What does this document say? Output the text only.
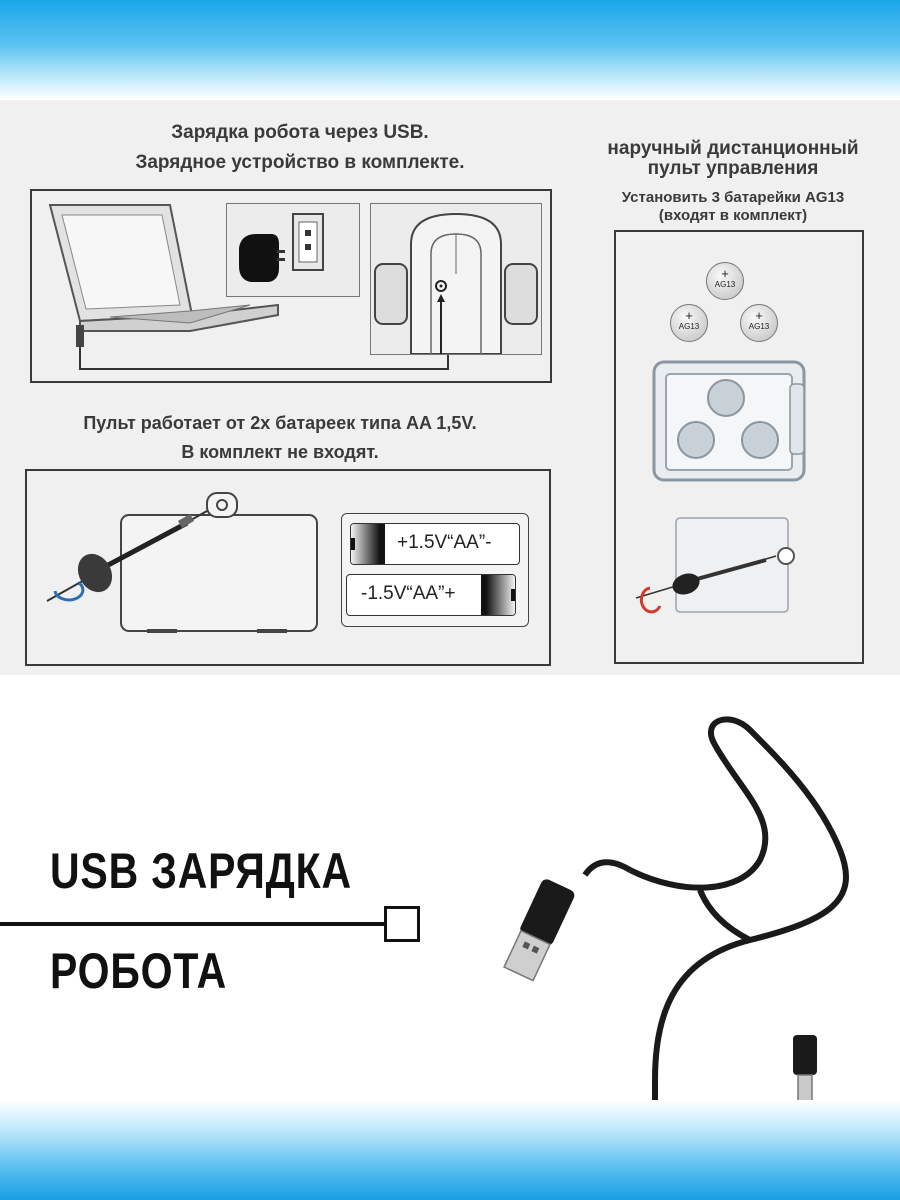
Зарядка робота через USB.
Зарядное устройство в комплекте.
Пульт работает от 2х батареек типа AA 1,5V.
В комплект не входят.
+1.5V“AA”-
-1.5V“AA”+
наручный дистанционный
пульт управления
Установить 3 батарейки AG13
(входят в комплект)
+
AG13
+
AG13
+
AG13
USB ЗАРЯДКА
РОБОТА
